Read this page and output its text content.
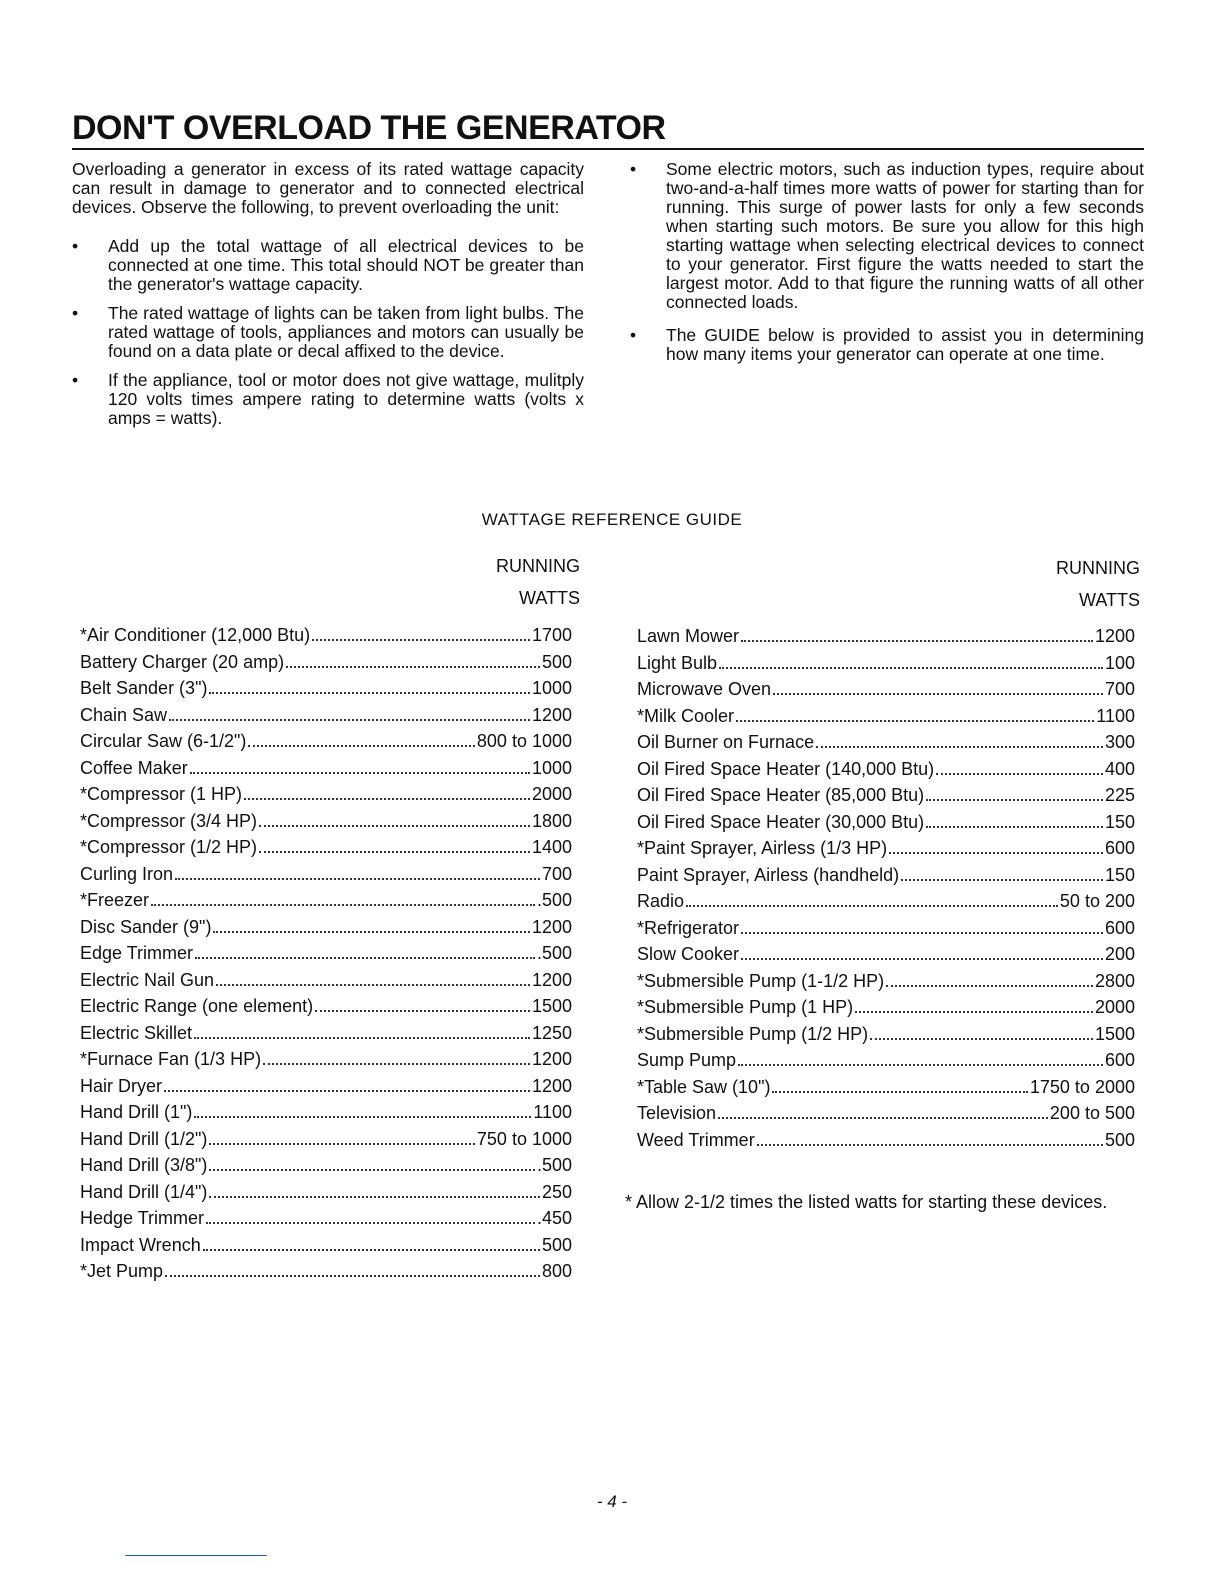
DON'T OVERLOAD THE GENERATOR

Overloading a generator in excess of its rated wattage capacity can result in damage to generator and to connected electrical devices. Observe the following, to prevent overloading the unit:

•	Add up the total wattage of all electrical devices to be connected at one time. This total should NOT be greater than the generator's wattage capacity.
•	The rated wattage of lights can be taken from light bulbs. The rated wattage of tools, appliances and motors can usually be found on a data plate or decal affixed to the device.
•	If the appliance, tool or motor does not give wattage, mulitply 120 volts times ampere rating to determine watts (volts x amps = watts).
•	Some electric motors, such as induction types, require about two-and-a-half times more watts of power for starting than for running. This surge of power lasts for only a few seconds when starting such motors. Be sure you allow for this high starting wattage when selecting electrical devices to connect to your generator. First figure the watts needed to start the largest motor. Add to that figure the running watts of all other connected loads.
•	The GUIDE below is provided to assist you in determining how many items your generator can operate at one time.
WATTAGE REFERENCE GUIDE
RUNNING
WATTS
RUNNING
WATTS
*Air Conditioner (12,000 Btu)	1700
Battery Charger (20 amp)	500
Belt Sander (3")	1000
Chain Saw	1200
Circular Saw (6-1/2")	800 to 1000
Coffee Maker	1000
*Compressor (1 HP)	2000
*Compressor (3/4 HP)	1800
*Compressor (1/2 HP)	1400
Curling Iron	700
*Freezer	.500
Disc Sander (9")	1200
Edge Trimmer	.500
Electric Nail Gun	1200
Electric Range (one element)	1500
Electric Skillet	1250
*Furnace Fan (1/3 HP)	1200
Hair Dryer	1200
Hand Drill (1")	1100
Hand Drill (1/2")	750 to 1000
Hand Drill (3/8")	.500
Hand Drill (1/4")	250
Hedge Trimmer	.450
Impact Wrench	500
*Jet Pump	800
Lawn Mower	1200
Light Bulb	100
Microwave Oven	700
*Milk Cooler	1100
Oil Burner on Furnace	300
Oil Fired Space Heater (140,000 Btu)	400
Oil Fired Space Heater (85,000 Btu)	225
Oil Fired Space Heater (30,000 Btu)	150
*Paint Sprayer, Airless (1/3 HP)	600
Paint Sprayer, Airless (handheld)	150
Radio	50 to 200
*Refrigerator	600
Slow Cooker	200
*Submersible Pump (1-1/2 HP)	2800
*Submersible Pump (1 HP)	2000
*Submersible Pump (1/2 HP)	1500
Sump Pump	600
*Table Saw (10")	1750 to 2000
Television	200 to 500
Weed Trimmer	500
* Allow 2-1/2 times the listed watts for starting these devices.
- 4 -
